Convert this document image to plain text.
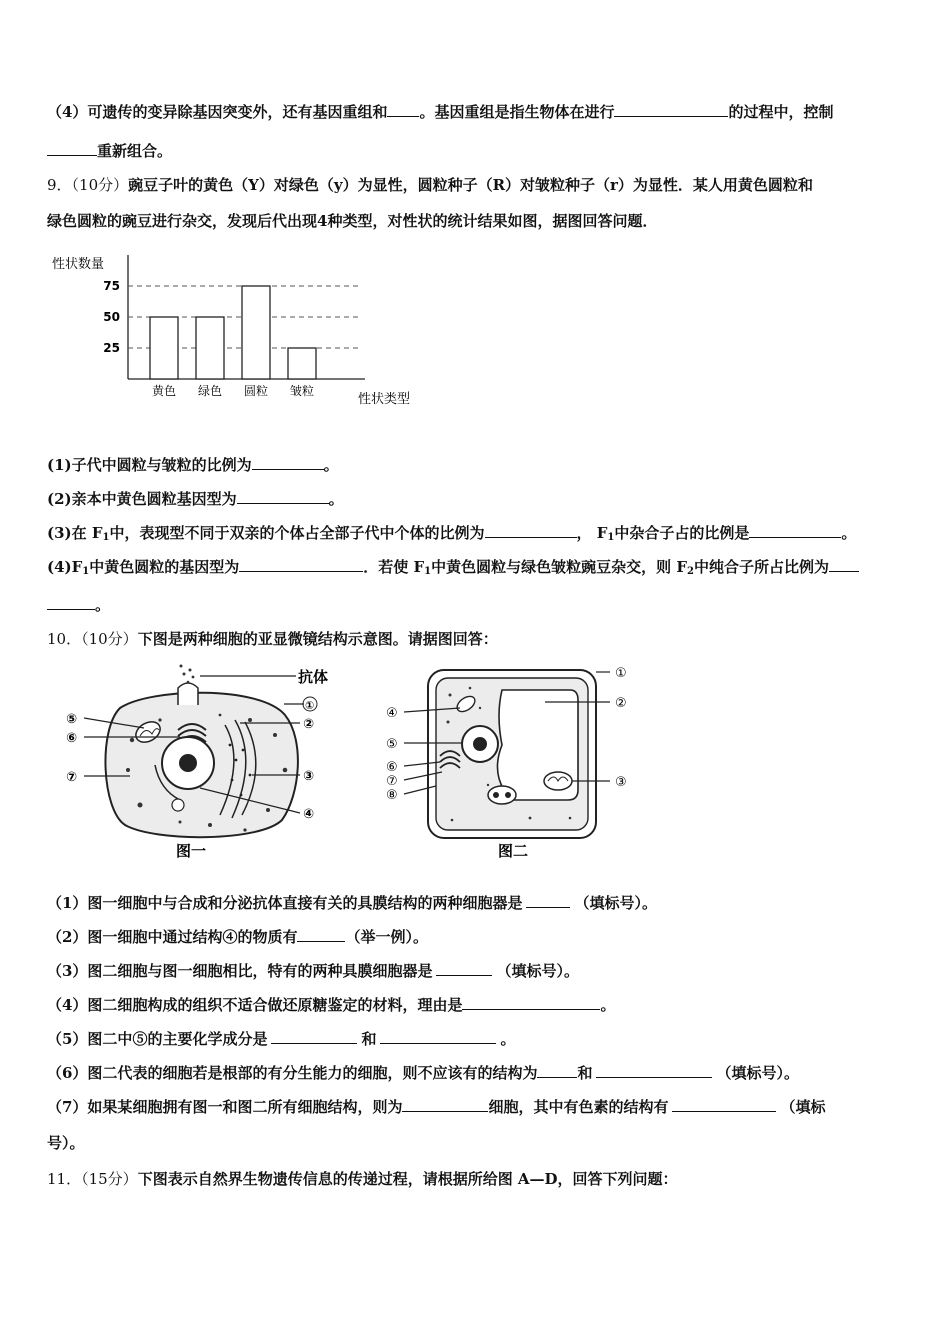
（4）可遗传的变异除基因突变外，还有基因重组和 。基因重组是指生物体在进行	的过程中，控制
重新组合。
9．（10分）豌豆子叶的黄色（Y）对绿色（y）为显性，圆粒种子（R）对皱粒种子（r）为显性．某人用黄色圆粒和
绿色圆粒的豌豆进行杂交，发现后代出现4种类型，对性状的统计结果如图，据图回答问题．
性状数量
25
50
75
黄色 绿色 圆粒 皱粒
性状类型
(1)子代中圆粒与皱粒的比例为	。
(2)亲本中黄色圆粒基因型为	。
(3)在 $F_1$中，表现型不同于双亲的个体占全部子代中个体的比例为	， $F_1$中杂合子占的比例是	。
$(4)F_1$中黄色圆粒的基因型为	．若使 $F_1$中黄色圆粒与绿色皱粒豌豆杂交，则 $F_2$中纯合子所占比例为
。
10．（10分）下图是两种细胞的亚显微镜结构示意图。请据图回答：
抗体
①
②
③
④
⑤
⑥
⑦
图一
①
②
③
④
⑤
⑥
⑦
⑧
图二
（1）图一细胞中与合成和分泌抗体直接有关的具膜结构的两种细胞器是	（填标号）。
（2）图一细胞中通过结构④的物质有	（举一例）。
（3）图二细胞与图一细胞相比，特有的两种具膜细胞器是	（填标号）。
（4）图二细胞构成的组织不适合做还原糖鉴定的材料，理由是	。
（5）图二中⑤的主要化学成分是	和	。
（6）图二代表的细胞若是根部的有分生能力的细胞，则不应该有的结构为	和	（填标号）。
（7）如果某细胞拥有图一和图二所有细胞结构，则为	细胞，其中有色素的结构有	（填标
号）。
11．（15分）下图表示自然界生物遗传信息的传递过程，请根据所给图 A—D，回答下列问题：
